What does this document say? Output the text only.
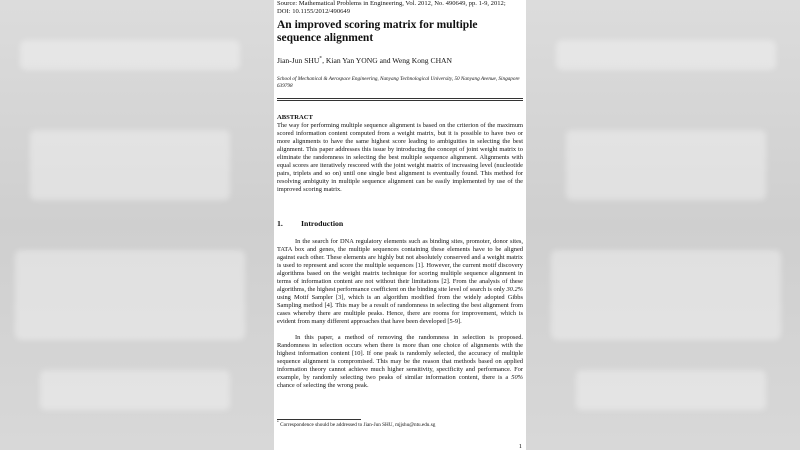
Source: Mathematical Problems in Engineering, Vol. 2012, No. 490649, pp. 1-9, 2012;
DOI: 10.1155/2012/490649
An improved scoring matrix for multiple sequence alignment
Jian-Jun SHU*, Kian Yan YONG and Weng Kong CHAN
School of Mechanical & Aerospace Engineering, Nanyang Technological University, 50 Nanyang Avenue, Singapore 639798
ABSTRACT
The way for performing multiple sequence alignment is based on the criterion of the maximum scored information content computed from a weight matrix, but it is possible to have two or more alignments to have the same highest score leading to ambiguities in selecting the best alignment. This paper addresses this issue by introducing the concept of joint weight matrix to eliminate the randomness in selecting the best multiple sequence alignment. Alignments with equal scores are iteratively rescored with the joint weight matrix of increasing level (nucleotide pairs, triplets and so on) until one single best alignment is eventually found. This method for resolving ambiguity in multiple sequence alignment can be easily implemented by use of the improved scoring matrix.
1. Introduction
In the search for DNA regulatory elements such as binding sites, promoter, donor sites, TATA box and genes, the multiple sequences containing these elements have to be aligned against each other. These elements are highly but not absolutely conserved and a weight matrix is used to represent and score the multiple sequences [1]. However, the current motif discovery algorithms based on the weight matrix technique for scoring multiple sequence alignment in terms of information content are not without their limitations [2]. From the analysis of these algorithms, the highest performance coefficient on the binding site level of search is only 30.2% using Motif Sampler [3], which is an algorithm modified from the widely adopted Gibbs Sampling method [4]. This may be a result of randomness in selecting the best alignment from cases whereby there are multiple peaks. Hence, there are rooms for improvement, which is evident from many different approaches that have been developed [5-9].
In this paper, a method of removing the randomness in selection is proposed. Randomness in selection occurs when there is more than one choice of alignments with the highest information content [10]. If one peak is randomly selected, the accuracy of multiple sequence alignment is compromised. This may be the reason that methods based on applied information theory cannot achieve much higher sensitivity, specificity and performance. For example, by randomly selecting two peaks of similar information content, there is a 50% chance of selecting the wrong peak.
* Correspondence should be addressed to Jian-Jun SHU, mjjshu@ntu.edu.sg
1
